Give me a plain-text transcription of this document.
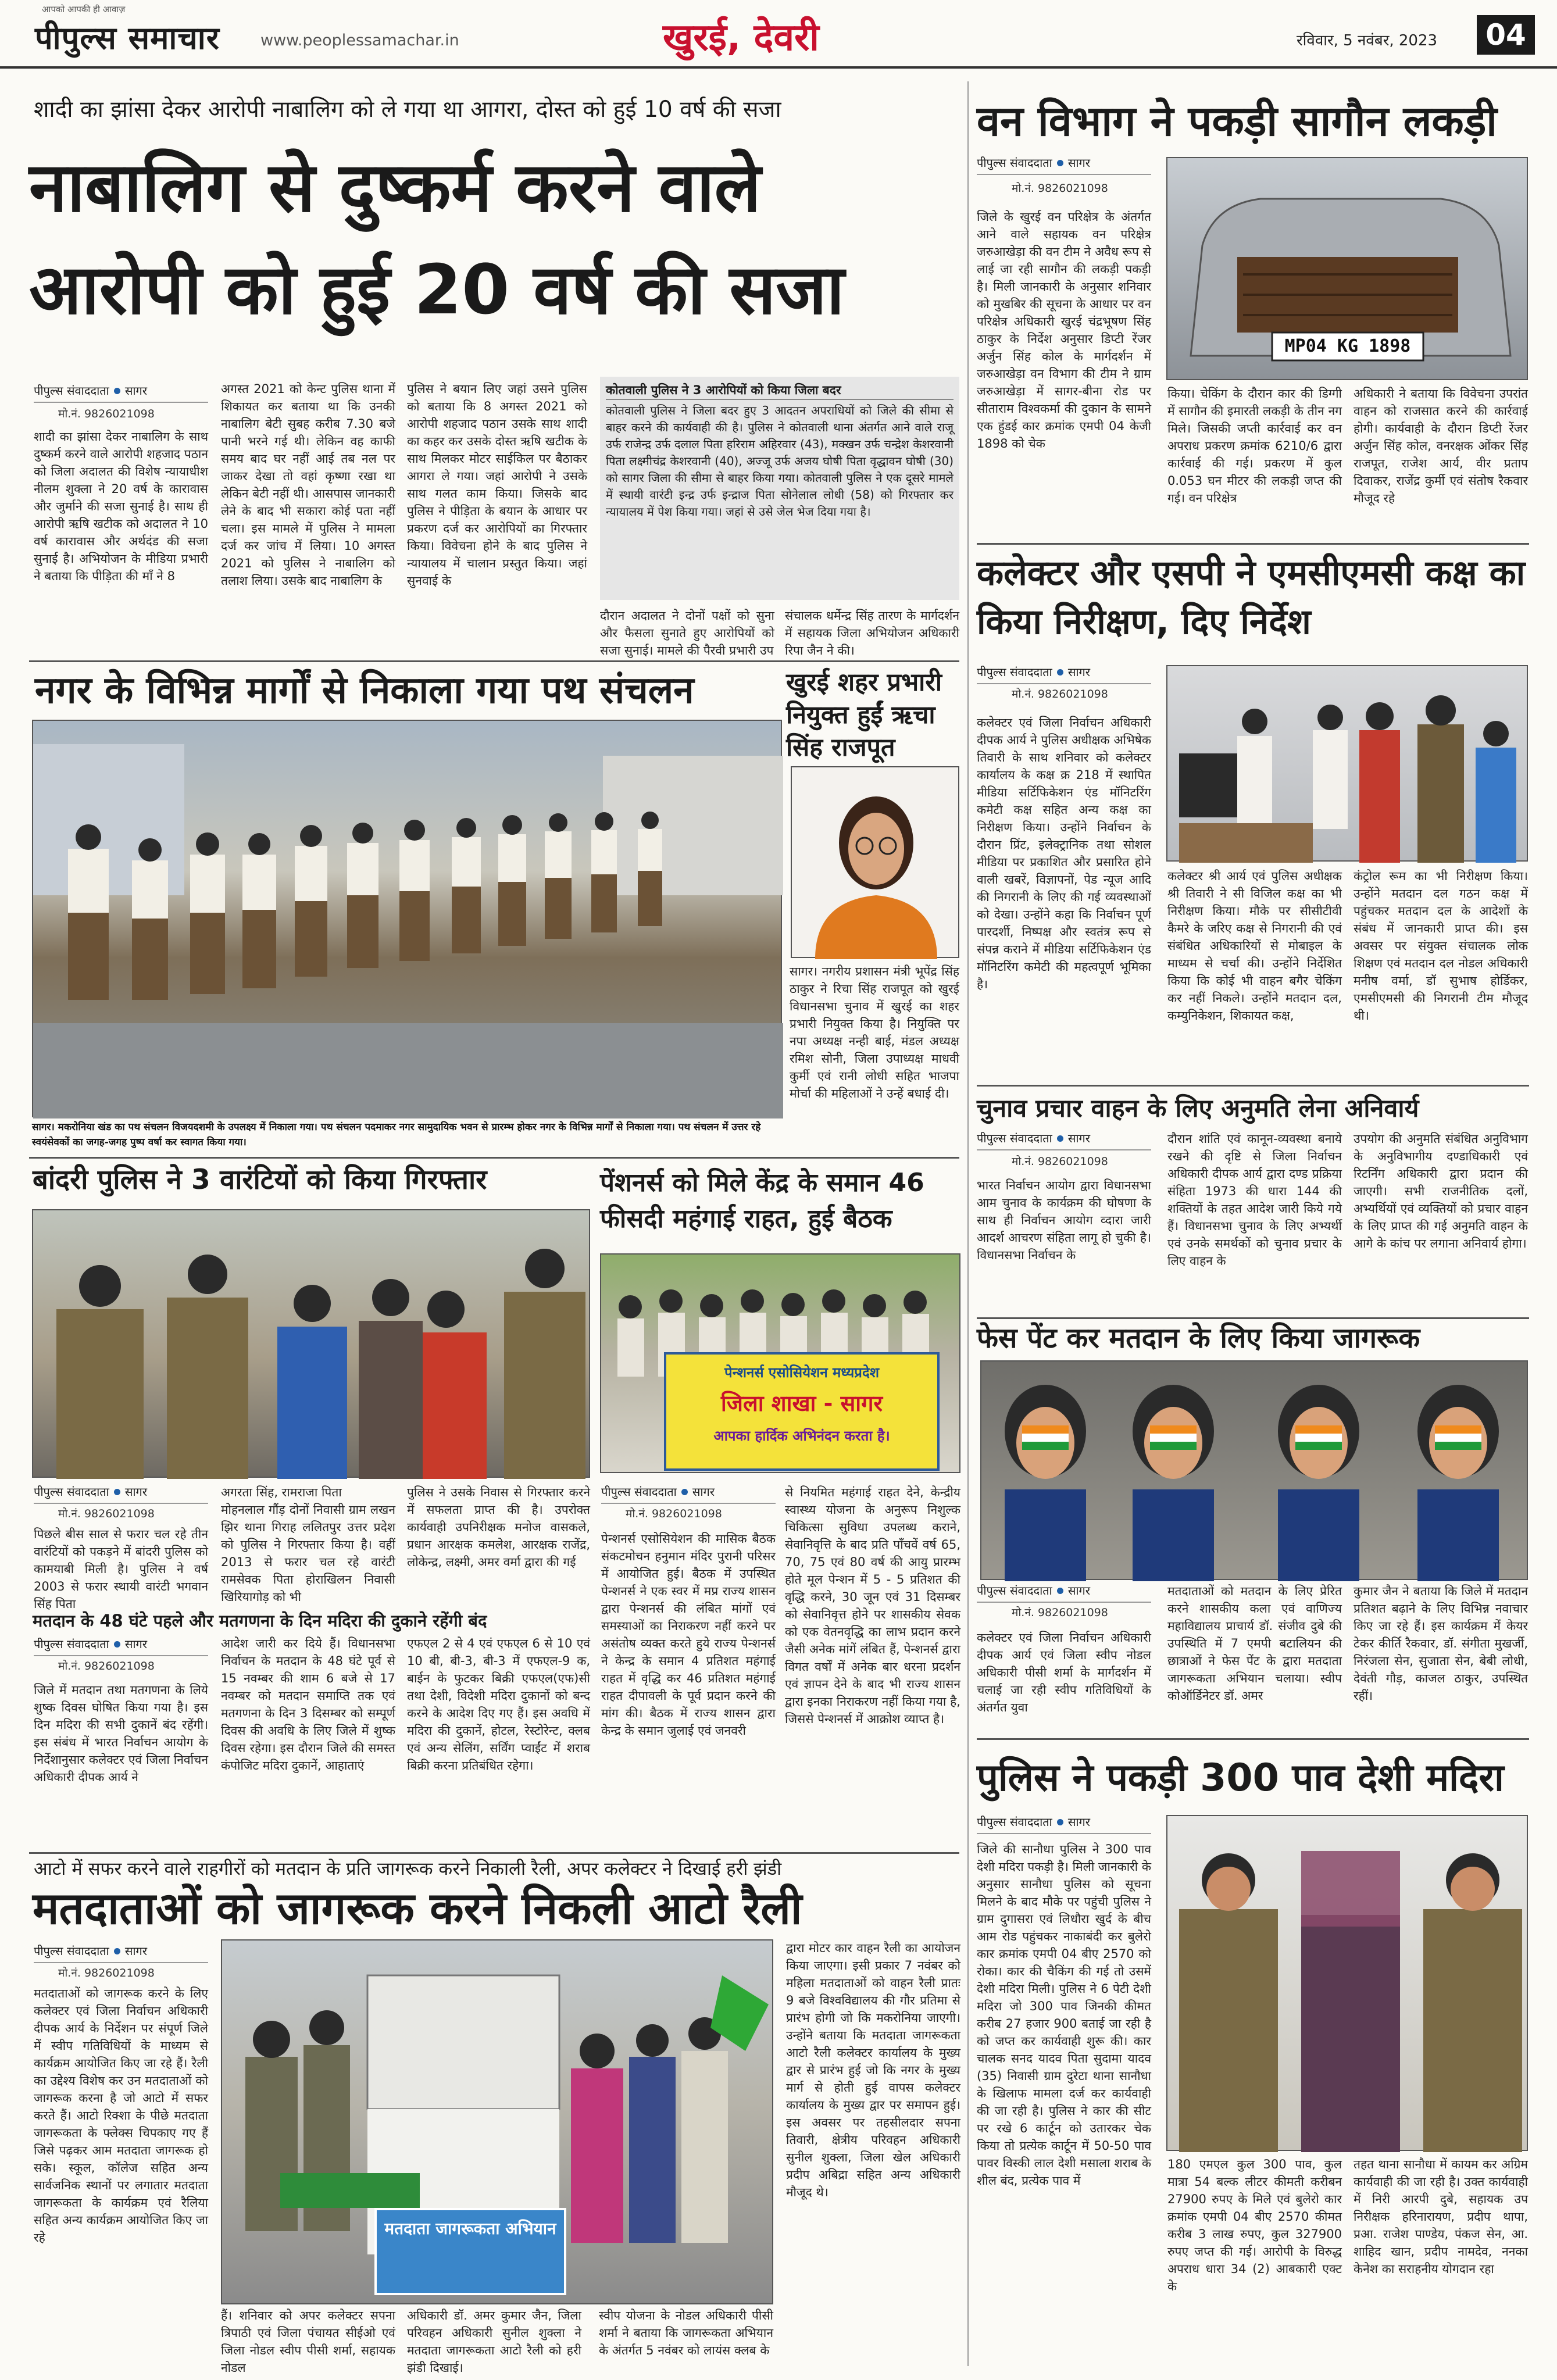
आपको आपकी ही आवाज़
पीपुल्स समाचार	www.peoplessamachar.in	खुरई, देवरी	रविवार, 5 नवंबर, 2023	04
शादी का झांसा देकर आरोपी नाबालिग को ले गया था आगरा, दोस्त को हुई 10 वर्ष की सजा
नाबालिग से दुष्कर्म करने वाले
आरोपी को हुई 20 वर्ष की सजा
पीपुल्स संवाददाता सागर
मो.नं. 9826021098
शादी का झांसा देकर नाबालिग के साथ दुष्कर्म करने वाले आरोपी शहजाद पठान को जिला अदालत की विशेष न्यायाधीश नीलम शुक्ला ने 20 वर्ष के कारावास और जुर्माने की सजा सुनाई है। साथ ही आरोपी ऋषि खटीक को अदालत ने 10 वर्ष कारावास और अर्थदंड की सजा सुनाई है। अभियोजन के मीडिया प्रभारी ने बताया कि पीड़िता की माँ ने 8
अगस्त 2021 को केन्ट पुलिस थाना में शिकायत कर बताया था कि उनकी नाबालिग बेटी सुबह करीब 7.30 बजे पानी भरने गई थी। लेकिन वह काफी समय बाद घर नहीं आई तब नल पर जाकर देखा तो वहां कृष्णा रखा था लेकिन बेटी नहीं थी। आसपास जानकारी लेने के बाद भी सकारा कोई पता नहीं चला। इस मामले में पुलिस ने मामला दर्ज कर जांच में लिया। 10 अगस्त 2021 को पुलिस ने नाबालिग को तलाश लिया। उसके बाद नाबालिग के
पुलिस ने बयान लिए जहां उसने पुलिस को बताया कि 8 अगस्त 2021 को आरोपी शहजाद पठान उसके साथ शादी का कहर कर उसके दोस्त ऋषि खटीक के साथ मिलकर मोटर साईकिल पर बैठाकर आगरा ले गया। जहां आरोपी ने उसके साथ गलत काम किया। जिसके बाद पुलिस ने पीड़िता के बयान के आधार पर प्रकरण दर्ज कर आरोपियों का गिरफ्तार किया। विवेचना होने के बाद पुलिस ने न्यायालय में चालान प्रस्तुत किया। जहां सुनवाई के
कोतवाली पुलिस ने 3 आरोपियों को किया जिला बदर
कोतवाली पुलिस ने जिला बदर हुए 3 आदतन अपराधियों को जिले की सीमा से बाहर करने की कार्यवाही की है। पुलिस ने कोतवाली थाना अंतर्गत आने वाले राजू उर्फ राजेन्द्र उर्फ दलाल पिता हरिराम अहिरवार (43), मक्खन उर्फ चन्द्रेश केशरवानी पिता लक्ष्मीचंद्र केशरवानी (40), अज्जू उर्फ अजय घोषी पिता वृद्धावन घोषी (30) को सागर जिला की सीमा से बाहर किया गया। कोतवाली पुलिस ने एक दूसरे मामले में स्थायी वारंटी इन्द्र उर्फ इन्द्राज पिता सोनेलाल लोधी (58) को गिरफ्तार कर न्यायालय में पेश किया गया। जहां से उसे जेल भेज दिया गया है।
दौरान अदालत ने दोनों पक्षों को सुना और फैसला सुनाते हुए आरोपियों को सजा सुनाई। मामले की पैरवी प्रभारी उप
संचालक धर्मेन्द्र सिंह तारण के मार्गदर्शन में सहायक जिला अभियोजन अधिकारी रिपा जैन ने की।
नगर के विभिन्न मार्गों से निकाला गया पथ संचलन
सागर। मकरोनिया खंड का पथ संचलन विजयदशमी के उपलक्ष्य में निकाला गया। पथ संचलन पदमाकर नगर सामुदायिक भवन से प्रारम्भ होकर नगर के विभिन्न मार्गों से निकाला गया। पथ संचलन में उत्तर रहे स्वयंसेवकों का जगह-जगह पुष्प वर्षा कर स्वागत किया गया।
खुरई शहर प्रभारी नियुक्त हुईं ऋचा सिंह राजपूत
सागर। नगरीय प्रशासन मंत्री भूपेंद्र सिंह ठाकुर ने रिचा सिंह राजपूत को खुरई विधानसभा चुनाव में खुरई का शहर प्रभारी नियुक्त किया है। नियुक्ति पर नपा अध्यक्ष नन्ही बाई, मंडल अध्यक्ष रमिश सोनी, जिला उपाध्यक्ष माधवी कुर्मी एवं रानी लोधी सहित भाजपा मोर्चा की महिलाओं ने उन्हें बधाई दी।
बांदरी पुलिस ने 3 वारंटियों को किया गिरफ्तार
पीपुल्स संवाददाता सागर
मो.नं. 9826021098
पिछले बीस साल से फरार चल रहे तीन वारंटियों को पकड़ने में बांदरी पुलिस को कामयाबी मिली है। पुलिस ने वर्ष 2003 से फरार स्थायी वारंटी भगवान सिंह पिता
अगरता सिंह, रामराजा पिता
मोहनलाल गौंड़ दोनों निवासी ग्राम लखन झिर थाना गिराह ललितपुर उत्तर प्रदेश को पुलिस ने गिरफ्तार किया है। वहीं 2013 से फरार चल रहे वारंटी रामसेवक पिता होराखिलन निवासी खिरियागोड़ को भी
पुलिस ने उसके निवास से गिरफ्तार करने में सफलता प्राप्त की है। उपरोक्त कार्यवाही उपनिरीक्षक मनोज वासकले, प्रधान आरक्षक कमलेश, आरक्षक राजेंद्र, लोकेन्द्र, लक्ष्मी, अमर वर्मा द्वारा की गई
मतदान के 48 घंटे पहले और मतगणना के दिन मदिरा की दुकाने रहेंगी बंद
पीपुल्स संवाददाता सागर
मो.नं. 9826021098
जिले में मतदान तथा मतगणना के लिये शुष्क दिवस घोषित किया गया है। इस दिन मदिरा की सभी दुकानें बंद रहेंगी। इस संबंध में भारत निर्वाचन आयोग के निर्देशानुसार कलेक्टर एवं जिला निर्वाचन अधिकारी दीपक आर्य ने
आदेश जारी कर दिये हैं। विधानसभा निर्वाचन के मतदान के 48 घंटे पूर्व से 15 नवम्बर की शाम 6 बजे से 17 नवम्बर को मतदान समाप्ति तक एवं मतगणना के दिन 3 दिसम्बर को सम्पूर्ण दिवस की अवधि के लिए जिले में शुष्क दिवस रहेगा। इस दौरान जिले की समस्त कंपोजिट मदिरा दुकानें, आहाताएं
एफएल 2 से 4 एवं एफएल 6 से 10 एवं 10 बी, बी-3, बी-3 में एफएल-9 क, बाईन के फुटकर बिक्री एफएल(एफ)सी तथा देशी, विदेशी मदिरा दुकानों को बन्द करने के आदेश दिए गए हैं। इस अवधि में मदिरा की दुकानें, होटल, रेस्टोरेन्ट, क्लब एवं अन्य सेलिंग, सर्विंग प्वाईंट में शराब बिक्री करना प्रतिबंधित रहेगा।
पेंशनर्स को मिले केंद्र के समान 46 फीसदी महंगाई राहत, हुई बैठक
पेन्शनर्स एसोसियेशन मध्यप्रदेश
जिला शाखा - सागर
आपका हार्दिक अभिनंदन करता है।
पीपुल्स संवाददाता सागर
मो.नं. 9826021098
पेन्शनर्स एसोसियेशन की मासिक बैठक संकटमोचन हनुमान मंदिर पुरानी परिसर में आयोजित हुई। बैठक में उपस्थित पेन्शनर्स ने एक स्वर में मप्र राज्य शासन द्वारा पेन्शनर्स की लंबित मांगों एवं समस्याओं का निराकरण नहीं करने पर असंतोष व्यक्त करते हुये राज्य पेन्शनर्स ने केन्द्र के समान 4 प्रतिशत महंगाई राहत में वृद्धि कर 46 प्रतिशत महंगाई राहत दीपावली के पूर्व प्रदान करने की मांग की। बैठक में राज्य शासन द्वारा केन्द्र के समान जुलाई एवं जनवरी
से नियमित महंगाई राहत देने, केन्द्रीय स्वास्थ्य योजना के अनुरूप निशुल्क चिकित्सा सुविधा उपलब्ध कराने, सेवानिवृत्ति के बाद प्रति पाँचवें वर्ष 65, 70, 75 एवं 80 वर्ष की आयु प्रारम्भ होते मूल पेन्शन में 5 - 5 प्रतिशत की वृद्धि करने, 30 जून एवं 31 दिसम्बर को सेवानिवृत्त होने पर शासकीय सेवक को एक वेतनवृद्धि का लाभ प्रदान करने जैसी अनेक मांगें लंबित हैं, पेन्शनर्स द्वारा विगत वर्षों में अनेक बार धरना प्रदर्शन एवं ज्ञापन देने के बाद भी राज्य शासन द्वारा इनका निराकरण नहीं किया गया है, जिससे पेन्शनर्स में आक्रोश व्याप्त है।
आटो में सफर करने वाले राहगीरों को मतदान के प्रति जागरूक करने निकाली रैली, अपर कलेक्टर ने दिखाई हरी झंडी
मतदाताओं को जागरूक करने निकली आटो रैली
पीपुल्स संवाददाता सागर
मो.नं. 9826021098
मतदाताओं को जागरूक करने के लिए कलेक्टर एवं जिला निर्वाचन अधिकारी दीपक आर्य के निर्देशन पर संपूर्ण जिले में स्वीप गतिविधियों के माध्यम से कार्यक्रम आयोजित किए जा रहे हैं। रैली का उद्देश्य विशेष कर उन मतदाताओं को जागरूक करना है जो आटो में सफर करते हैं। आटो रिक्शा के पीछे मतदाता जागरूकता के फ्लेक्स चिपकाए गए हैं जिसे पढ़कर आम मतदाता जागरूक हो सके। स्कूल, कॉलेज सहित अन्य सार्वजनिक स्थानों पर लगातार मतदाता जागरूकता के कार्यक्रम एवं रैलिया सहित अन्य कार्यक्रम आयोजित किए जा रहे	मतदाता जागरूकता अभियान
हैं। शनिवार को अपर कलेक्टर सपना त्रिपाठी एवं जिला पंचायत सीईओ एवं जिला नोडल स्वीप पीसी शर्मा, सहायक नोडल
अधिकारी डॉ. अमर कुमार जैन, जिला परिवहन अधिकारी सुनील शुक्ला ने मतदाता जागरूकता आटो रैली को हरी झंडी दिखाई।
स्वीप योजना के नोडल अधिकारी पीसी शर्मा ने बताया कि जागरूकता अभियान के अंतर्गत 5 नवंबर को लायंस क्लब के
द्वारा मोटर कार वाहन रैली का आयोजन किया जाएगा। इसी प्रकार 7 नवंबर को महिला मतदाताओं को वाहन रैली प्रातः 9 बजे विश्वविद्यालय की गौर प्रतिमा से प्रारंभ होगी जो कि मकरोनिया जाएगी। उन्होंने बताया कि मतदाता जागरूकता आटो रैली कलेक्टर कार्यालय के मुख्य द्वार से प्रारंभ हुई जो कि नगर के मुख्य मार्ग से होती हुई वापस कलेक्टर कार्यालय के मुख्य द्वार पर समापन हुई। इस अवसर पर तहसीलदार सपना तिवारी, क्षेत्रीय परिवहन अधिकारी सुनील शुक्ला, जिला खेल अधिकारी प्रदीप अबिद्रा सहित अन्य अधिकारी मौजूद थे।
वन विभाग ने पकड़ी सागौन लकड़ी
पीपुल्स संवाददाता सागर
मो.नं. 9826021098
जिले के खुरई वन परिक्षेत्र के अंतर्गत आने वाले सहायक वन परिक्षेत्र जरुआखेड़ा की वन टीम ने अवैध रूप से लाई जा रही सागौन की लकड़ी पकड़ी है। मिली जानकारी के अनुसार शनिवार को मुखबिर की सूचना के आधार पर वन परिक्षेत्र अधिकारी खुरई चंद्रभूषण सिंह ठाकुर के निर्देश अनुसार डिप्टी रेंजर अर्जुन सिंह कोल के मार्गदर्शन में जरुआखेड़ा वन विभाग की टीम ने ग्राम जरुआखेड़ा में सागर-बीना रोड पर सीताराम विश्वकर्मा की दुकान के सामने एक हुंडई कार क्रमांक एमपी 04 केजी 1898 को चेक
MP04 KG 1898
किया। चेकिंग के दौरान कार की डिग्गी में सागौन की इमारती लकड़ी के तीन नग मिले। जिसकी जप्ती कार्रवाई कर वन अपराध प्रकरण क्रमांक 6210/6 द्वारा कार्रवाई की गई। प्रकरण में कुल 0.053 घन मीटर की लकड़ी जप्त की गई। वन परिक्षेत्र
अधिकारी ने बताया कि विवेचना उपरांत वाहन को राजसात करने की कार्रवाई होगी। कार्यवाही के दौरान डिप्टी रेंजर अर्जुन सिंह कोल, वनरक्षक ओंकर सिंह राजपूत, राजेश आर्य, वीर प्रताप दिवाकर, राजेंद्र कुर्मी एवं संतोष रैकवार मौजूद रहे
कलेक्टर और एसपी ने एमसीएमसी कक्ष का किया निरीक्षण, दिए निर्देश
पीपुल्स संवाददाता सागर
मो.नं. 9826021098
कलेक्टर एवं जिला निर्वाचन अधिकारी दीपक आर्य ने पुलिस अधीक्षक अभिषेक तिवारी के साथ शनिवार को कलेक्टर कार्यालय के कक्ष क्र 218 में स्थापित मीडिया सर्टिफिकेशन एंड मॉनिटरिंग कमेटी कक्ष सहित अन्य कक्ष का निरीक्षण किया। उन्होंने निर्वाचन के दौरान प्रिंट, इलेक्ट्रानिक तथा सोशल मीडिया पर प्रकाशित और प्रसारित होने वाली खबरें, विज्ञापनों, पेड न्यूज आदि की निगरानी के लिए की गई व्यवस्थाओं को देखा। उन्होंने कहा कि निर्वाचन पूर्ण पारदर्शी, निष्पक्ष और स्वतंत्र रूप से संपन्न कराने में मीडिया सर्टिफिकेशन एंड मॉनिटरिंग कमेटी की महत्वपूर्ण भूमिका है।
कलेक्टर श्री आर्य एवं पुलिस अधीक्षक श्री तिवारी ने सी विजिल कक्ष का भी निरीक्षण किया। मौके पर सीसीटीवी कैमरे के जरिए कक्ष से निगरानी की एवं संबंधित अधिकारियों से मोबाइल के माध्यम से चर्चा की। उन्होंने निर्देशित किया कि कोई भी वाहन बगैर चेकिंग कर नहीं निकले। उन्होंने मतदान दल, कम्युनिकेशन, शिकायत कक्ष,
कंट्रोल रूम का भी निरीक्षण किया। उन्होंने मतदान दल गठन कक्ष में पहुंचकर मतदान दल के आदेशों के संबंध में जानकारी प्राप्त की। इस अवसर पर संयुक्त संचालक लोक शिक्षण एवं मतदान दल नोडल अधिकारी मनीष वर्मा, डॉ सुभाष होर्डिकर, एमसीएमसी की निगरानी टीम मौजूद थी।
चुनाव प्रचार वाहन के लिए अनुमति लेना अनिवार्य
पीपुल्स संवाददाता सागर
मो.नं. 9826021098
भारत निर्वाचन आयोग द्वारा विधानसभा आम चुनाव के कार्यक्रम की घोषणा के साथ ही निर्वाचन आयोग व्दारा जारी आदर्श आचरण संहिता लागू हो चुकी है। विधानसभा निर्वाचन के
दौरान शांति एवं कानून-व्यवस्था बनाये रखने की दृष्टि से जिला निर्वाचन अधिकारी दीपक आर्य द्वारा दण्ड प्रक्रिया संहिता 1973 की धारा 144 की शक्तियों के तहत आदेश जारी किये गये हैं। विधानसभा चुनाव के लिए अभ्यर्थी एवं उनके समर्थकों को चुनाव प्रचार के लिए वाहन के
उपयोग की अनुमति संबंधित अनुविभाग के अनुविभागीय दण्डाधिकारी एवं रिटर्निंग अधिकारी द्वारा प्रदान की जाएगी। सभी राजनीतिक दलों, अभ्यर्थियों एवं व्यक्तियों को प्रचार वाहन के लिए प्राप्त की गई अनुमति वाहन के आगे के कांच पर लगाना अनिवार्य होगा।
फेस पेंट कर मतदान के लिए किया जागरूक
पीपुल्स संवाददाता सागर
मो.नं. 9826021098
कलेक्टर एवं जिला निर्वाचन अधिकारी दीपक आर्य एवं जिला स्वीप नोडल अधिकारी पीसी शर्मा के मार्गदर्शन में चलाई जा रही स्वीप गतिविधियों के अंतर्गत युवा
मतदाताओं को मतदान के लिए प्रेरित करने शासकीय कला एवं वाणिज्य महाविद्यालय प्राचार्य डॉ. संजीव दुबे की उपस्थिति में 7 एमपी बटालियन की छात्राओं ने फेस पेंट के द्वारा मतदाता जागरूकता अभियान चलाया। स्वीप कोऑर्डिनेटर डॉ. अमर
कुमार जैन ने बताया कि जिले में मतदान प्रतिशत बढ़ाने के लिए विभिन्न नवाचार किए जा रहे हैं। इस कार्यक्रम में केयर टेकर कीर्ति रैकवार, डॉ. संगीता मुखर्जी, निरंजला सेन, सुजाता सेन, बेबी लोधी, देवंती गौड़, काजल ठाकुर, उपस्थित रहीं।
पुलिस ने पकड़ी 300 पाव देशी मदिरा
पीपुल्स संवाददाता सागर
जिले की सानौधा पुलिस ने 300 पाव देशी मदिरा पकड़ी है। मिली जानकारी के अनुसार सानौधा पुलिस को सूचना मिलने के बाद मौके पर पहुंची पुलिस ने ग्राम दुगासरा एवं लिधौरा खुर्द के बीच आम रोड पहुंचकर नाकाबंदी कर बुलेरो कार क्रमांक एमपी 04 बीए 2570 को रोका। कार की चैकिंग की गई तो उसमें देशी मदिरा मिली। पुलिस ने 6 पेटी देशी मदिरा जो 300 पाव जिनकी कीमत करीब 27 हजार 900 बताई जा रही है को जप्त कर कार्यवाही शुरू की। कार चालक सनद यादव पिता सुदामा यादव (35) निवासी ग्राम दुरेटा थाना सानौधा के खिलाफ मामला दर्ज कर कार्यवाही की जा रही है। पुलिस ने कार की सीट पर रखे 6 कार्टून को उतारकर चेक किया तो प्रत्येक कार्टून में 50-50 पाव पावर विस्की लाल देशी मसाला शराब के शील बंद, प्रत्येक पाव में
180 एमएल कुल 300 पाव, कुल मात्रा 54 बल्क लीटर कीमती करीबन 27900 रुपए के मिले एवं बुलेरो कार क्रमांक एमपी 04 बीए 2570 कीमत करीब 3 लाख रुपए, कुल 327900 रुपए जप्त की गई। आरोपी के विरुद्ध अपराध धारा 34 (2) आबकारी एक्ट के
तहत थाना सानौधा में कायम कर अग्रिम कार्यवाही की जा रही है। उक्त कार्यवाही में निरी आरपी दुबे, सहायक उप निरीक्षक हरिनारायण, प्रदीप थापा, प्रआ. राजेश पाण्डेय, पंकज सेन, आ. शाहिद खान, प्रदीप नामदेव, ननका केनेश का सराहनीय योगदान रहा
